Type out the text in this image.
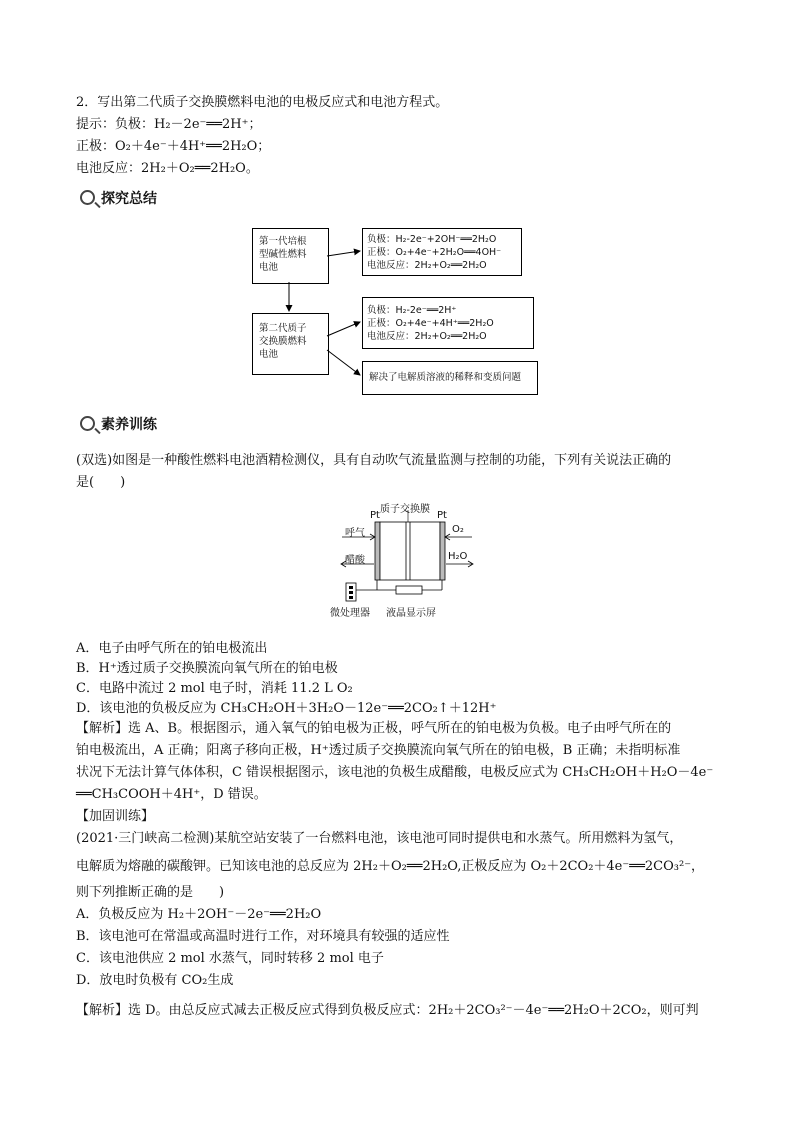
2．写出第二代质子交换膜燃料电池的电极反应式和电池方程式。
提示：负极：H₂－2e⁻══2H⁺；
正极：O₂＋4e⁻＋4H⁺══2H₂O；
电池反应：2H₂＋O₂══2H₂O。
探究总结
第一代培根
型碱性燃料
电池
负极：H₂-2e⁻+2OH⁻══2H₂O
正极：O₂+4e⁻+2H₂O══4OH⁻
电池反应：2H₂+O₂══2H₂O
第二代质子
交换膜燃料
电池
负极：H₂-2e⁻══2H⁺
正极：O₂+4e⁻+4H⁺══2H₂O
电池反应：2H₂+O₂══2H₂O
解决了电解质溶液的稀释和变质问题
素养训练
(双选)如图是一种酸性燃料电池酒精检测仪，具有自动吹气流量监测与控制的功能，下列有关说法正确的
是(　　)
质子交换膜
Pt	Pt
呼气	O₂
醋酸	H₂O
微处理器 液晶显示屏
A．电子由呼气所在的铂电极流出
B．H⁺透过质子交换膜流向氧气所在的铂电极
C．电路中流过 2 mol 电子时，消耗 11.2 L O₂
D．该电池的负极反应为 CH₃CH₂OH＋3H₂O－12e⁻══2CO₂↑＋12H⁺
【解析】选 A、B。根据图示，通入氧气的铂电极为正极，呼气所在的铂电极为负极。电子由呼气所在的
铂电极流出，A 正确；阳离子移向正极，H⁺透过质子交换膜流向氧气所在的铂电极，B 正确；未指明标准
状况下无法计算气体体积，C 错误根据图示，该电池的负极生成醋酸，电极反应式为 CH₃CH₂OH＋H₂O－4e⁻
══CH₃COOH＋4H⁺，D 错误。
【加固训练】
(2021·三门峡高二检测)某航空站安装了一台燃料电池，该电池可同时提供电和水蒸气。所用燃料为氢气，
电解质为熔融的碳酸钾。已知该电池的总反应为 2H₂＋O₂══2H₂O,正极反应为 O₂＋2CO₂＋4e⁻══2CO₃²⁻，
则下列推断正确的是　　)
A．负极反应为 H₂＋2OH⁻－2e⁻══2H₂O
B．该电池可在常温或高温时进行工作，对环境具有较强的适应性
C．该电池供应 2 mol 水蒸气，同时转移 2 mol 电子
D．放电时负极有 CO₂生成
【解析】选 D。由总反应式减去正极反应式得到负极反应式：2H₂＋2CO₃²⁻－4e⁻══2H₂O＋2CO₂，则可判
